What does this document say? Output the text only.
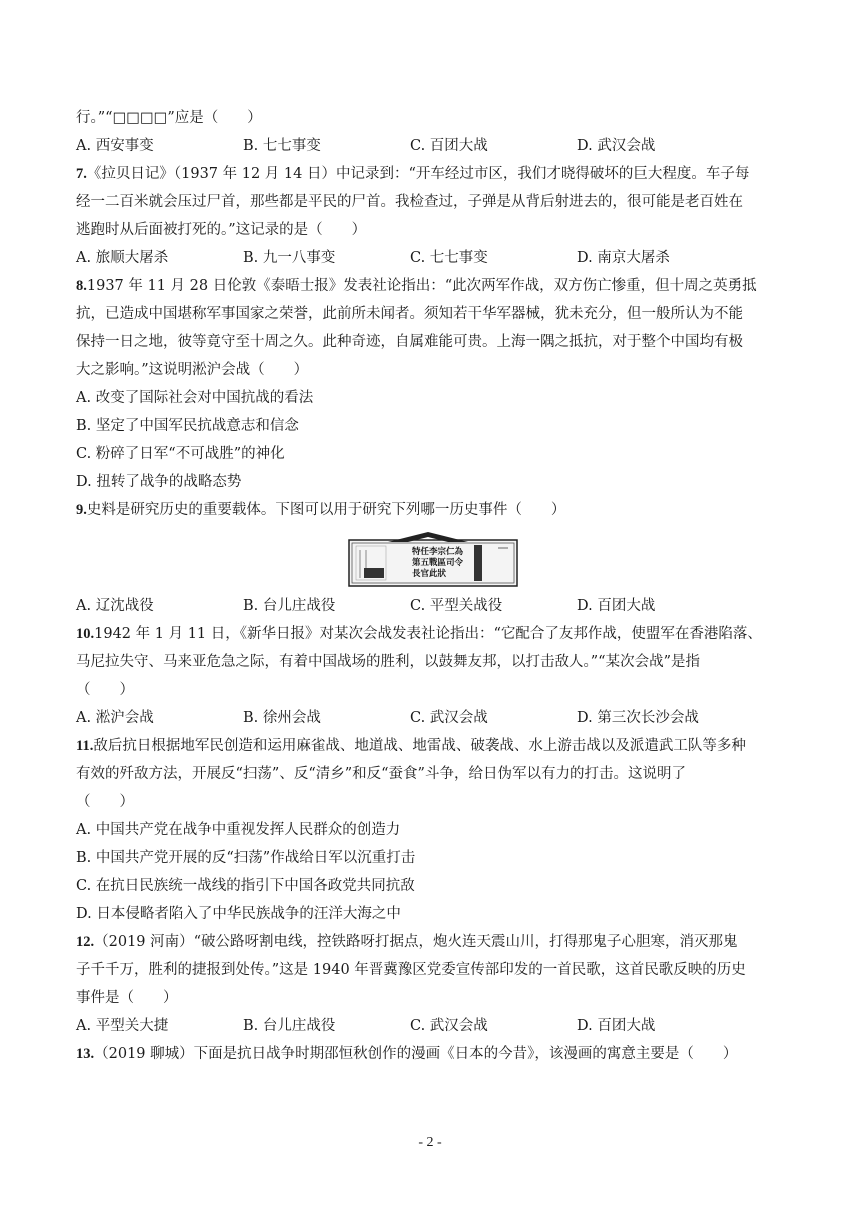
行。”“□□□□”应是（　　）
A. 西安事变	B. 七七事变	C. 百团大战	D. 武汉会战
7.《拉贝日记》（1937 年 12 月 14 日）中记录到：“开车经过市区，我们才晓得破坏的巨大程度。车子每
经一二百米就会压过尸首，那些都是平民的尸首。我检查过，子弹是从背后射进去的，很可能是老百姓在
逃跑时从后面被打死的。”这记录的是（　　）
A. 旅顺大屠杀	B. 九一八事变	C. 七七事变	D. 南京大屠杀
8.1937 年 11 月 28 日伦敦《泰晤士报》发表社论指出：“此次两军作战，双方伤亡惨重，但十周之英勇抵
抗，已造成中国堪称军事国家之荣誉，此前所未闻者。须知若干华军器械，犹未充分，但一般所认为不能
保持一日之地，彼等竟守至十周之久。此种奇迹，自属难能可贵。上海一隅之抵抗，对于整个中国均有极
大之影响。”这说明淞沪会战（　　）
A. 改变了国际社会对中国抗战的看法
B. 坚定了中国军民抗战意志和信念
C. 粉碎了日军“不可战胜”的神化
D. 扭转了战争的战略态势
9.史料是研究历史的重要载体。下图可以用于研究下列哪一历史事件（　　）
特任李宗仁為
第五戰區司令
長官此狀
A. 辽沈战役	B. 台儿庄战役	C. 平型关战役	D. 百团大战
10.1942 年 1 月 11 日，《新华日报》对某次会战发表社论指出：“它配合了友邦作战，使盟军在香港陷落、
马尼拉失守、马来亚危急之际，有着中国战场的胜利，以鼓舞友邦，以打击敌人。”“某次会战”是指
（　　）
A. 淞沪会战	B. 徐州会战	C. 武汉会战	D. 第三次长沙会战
11.敌后抗日根据地军民创造和运用麻雀战、地道战、地雷战、破袭战、水上游击战以及派遣武工队等多种
有效的歼敌方法，开展反“扫荡”、反“清乡”和反“蚕食”斗争，给日伪军以有力的打击。这说明了
（　　）
A. 中国共产党在战争中重视发挥人民群众的创造力
B. 中国共产党开展的反“扫荡”作战给日军以沉重打击
C. 在抗日民族统一战线的指引下中国各政党共同抗敌
D. 日本侵略者陷入了中华民族战争的汪洋大海之中
12.（2019 河南）“破公路呀割电线，控铁路呀打据点，炮火连天震山川，打得那鬼子心胆寒，消灭那鬼
子千千万，胜利的捷报到处传。”这是 1940 年晋冀豫区党委宣传部印发的一首民歌，这首民歌反映的历史
事件是（　　）
A. 平型关大捷	B. 台儿庄战役	C. 武汉会战	D. 百团大战
13.（2019 聊城）下面是抗日战争时期邵恒秋创作的漫画《日本的今昔》，该漫画的寓意主要是（　　）
- 2 -
